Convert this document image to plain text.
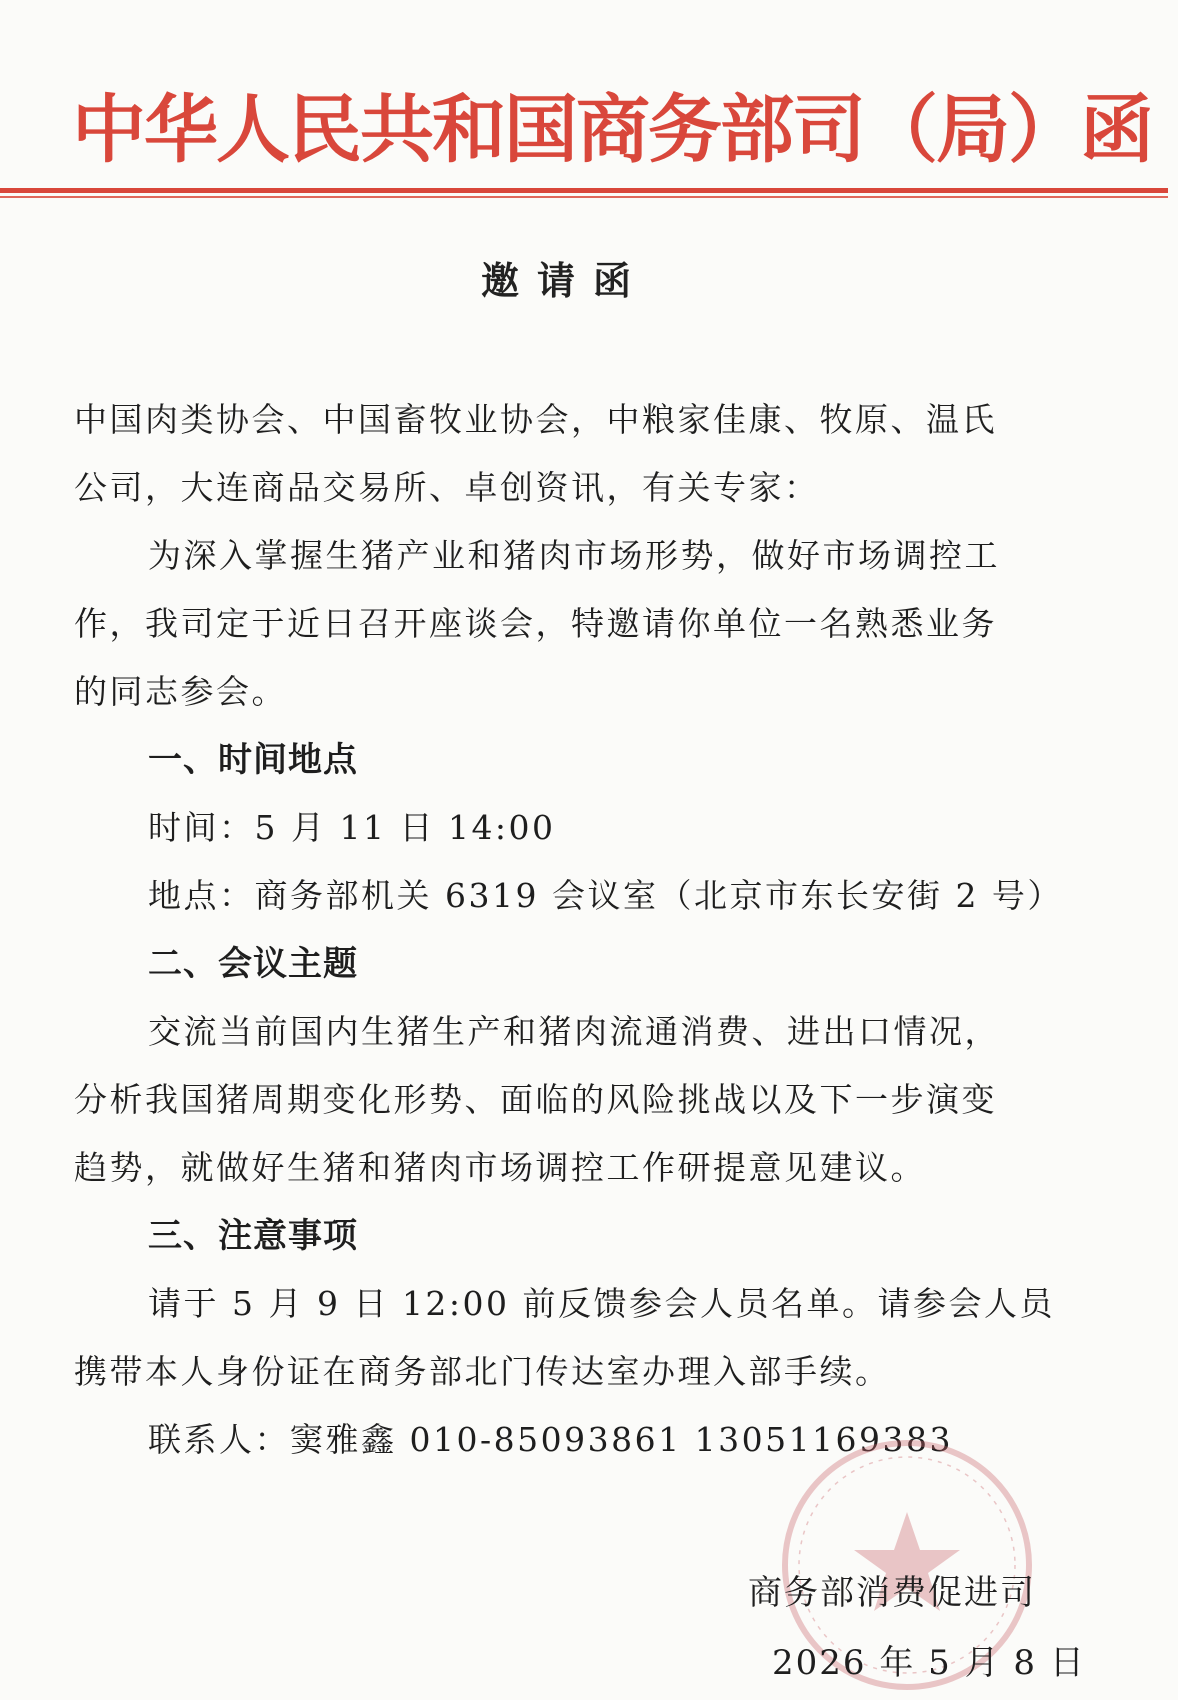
中华人民共和国商务部司（局）函
邀请函
中国肉类协会、中国畜牧业协会，中粮家佳康、牧原、温氏
公司，大连商品交易所、卓创资讯，有关专家：
为深入掌握生猪产业和猪肉市场形势，做好市场调控工
作，我司定于近日召开座谈会，特邀请你单位一名熟悉业务
的同志参会。
一、时间地点
时间：5 月 11 日 14:00
地点：商务部机关 6319 会议室（北京市东长安街 2 号）
二、会议主题
交流当前国内生猪生产和猪肉流通消费、进出口情况，
分析我国猪周期变化形势、面临的风险挑战以及下一步演变
趋势，就做好生猪和猪肉市场调控工作研提意见建议。
三、注意事项
请于 5 月 9 日 12:00 前反馈参会人员名单。请参会人员
携带本人身份证在商务部北门传达室办理入部手续。
联系人：窦雅鑫 010-85093861 13051169383
商务部消费促进司
2026 年 5 月 8 日
